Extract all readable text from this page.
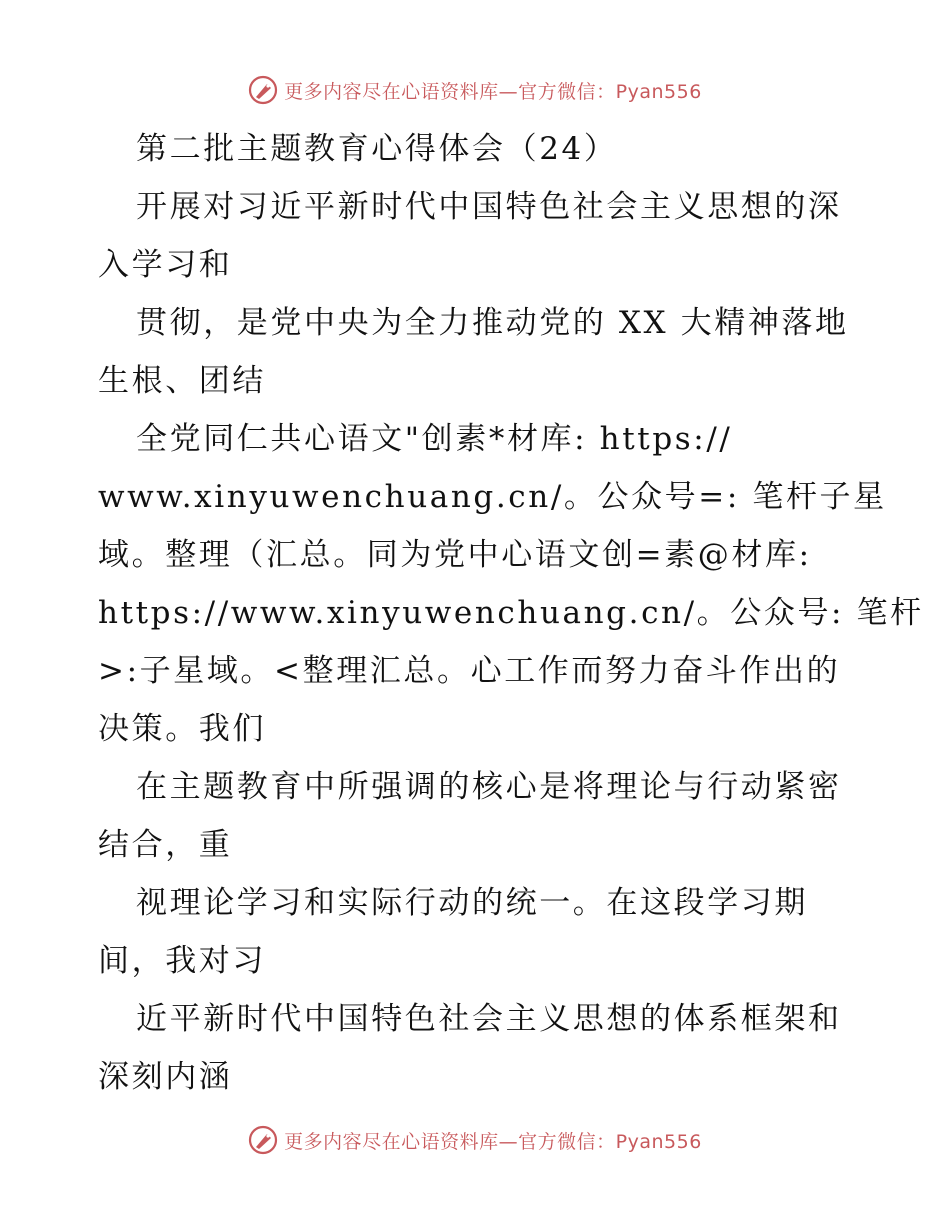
更多内容尽在心语资料库—官方微信：Pyan556
第二批主题教育心得体会（24）
开展对习近平新时代中国特色社会主义思想的深
入学习和
贯彻，是党中央为全力推动党的 XX 大精神落地
生根、团结
全党同仁共心语文"创素*材库: https://
www.xinyuwenchuang.cn/。公众号=: 笔杆子星
域。整理（汇总。同为党中心语文创=素@材库:
https://www.xinyuwenchuang.cn/。公众号: 笔杆
>:子星域。<整理汇总。心工作而努力奋斗作出的
决策。我们
在主题教育中所强调的核心是将理论与行动紧密
结合，重
视理论学习和实际行动的统一。在这段学习期
间，我对习
近平新时代中国特色社会主义思想的体系框架和
深刻内涵
更多内容尽在心语资料库—官方微信：Pyan556
